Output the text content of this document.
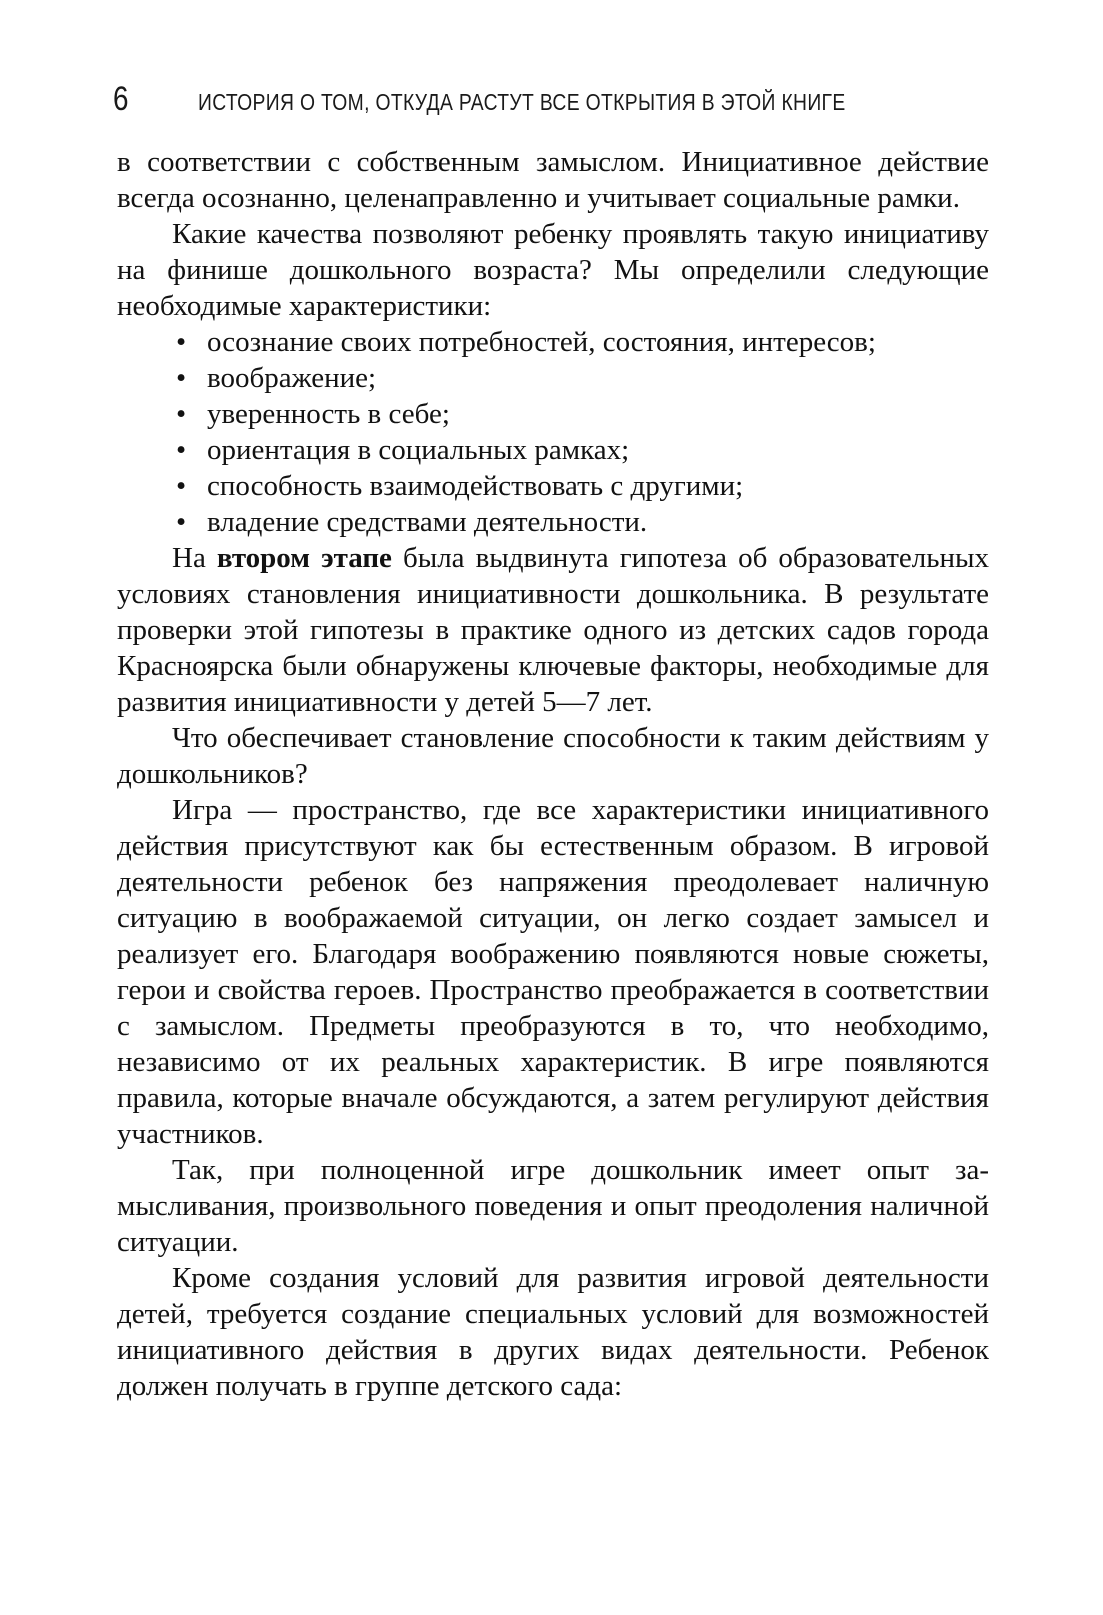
6	ИСТОРИЯ О ТОМ, ОТКУДА РАСТУТ ВСЕ ОТКРЫТИЯ В ЭТОЙ КНИГЕ

в соответствии с собственным замыслом. Инициативное действие всегда осознанно, целенаправленно и учитывает социальные рамки.

Какие качества позволяют ребенку проявлять такую инициативу на финише дошкольного возраста? Мы определили следующие необходимые характеристики:

• осознание своих потребностей, состояния, интересов;
• воображение;
• уверенность в себе;
• ориентация в социальных рамках;
• способность взаимодействовать с другими;
• владение средствами деятельности.

На втором этапе была выдвинута гипотеза об образовательных условиях становления инициативности дошкольника. В результате проверки этой гипотезы в практике одного из детских садов города Красноярска были обнаружены ключевые факторы, необходимые для развития инициативности у детей 5—7 лет.

Что обеспечивает становление способности к таким действиям у дошкольников?

Игра — пространство, где все характеристики инициативного действия присутствуют как бы естественным образом. В игровой деятельности ребенок без напряжения преодолевает наличную ситуацию в воображаемой ситуации, он легко создает замысел и реализует его. Благодаря воображению появляются новые сюжеты, герои и свойства героев. Пространство преображается в соответствии с замыслом. Предметы преобразуются в то, что необходимо, независимо от их реальных характеристик. В игре появляются правила, которые вначале обсуждаются, а затем регулируют действия участников.

Так, при полноценной игре дошкольник имеет опыт замысливания, произвольного поведения и опыт преодоления наличной ситуации.

Кроме создания условий для развития игровой деятельности детей, требуется создание специальных условий для возможностей инициативного действия в других видах деятельности. Ребенок должен получать в группе детского сада:
